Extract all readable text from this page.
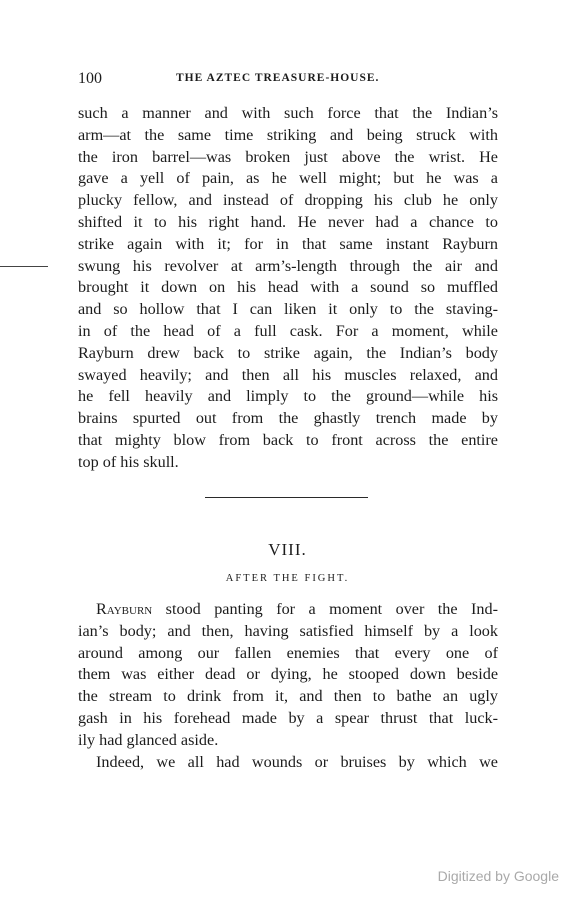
100	THE AZTEC TREASURE-HOUSE.
such a manner and with such force that the Indian’s
arm—at the same time striking and being struck with
the iron barrel—was broken just above the wrist. He
gave a yell of pain, as he well might; but he was a
plucky fellow, and instead of dropping his club he only
shifted it to his right hand. He never had a chance to
strike again with it; for in that same instant Rayburn
swung his revolver at arm’s-length through the air and
brought it down on his head with a sound so muffled
and so hollow that I can liken it only to the staving-
in of the head of a full cask. For a moment, while
Rayburn drew back to strike again, the Indian’s body
swayed heavily; and then all his muscles relaxed, and
he fell heavily and limply to the ground—while his
brains spurted out from the ghastly trench made by
that mighty blow from back to front across the entire
top of his skull.
VIII.
AFTER THE FIGHT.
Rayburn stood panting for a moment over the Ind-
ian’s body; and then, having satisfied himself by a look
around among our fallen enemies that every one of
them was either dead or dying, he stooped down beside
the stream to drink from it, and then to bathe an ugly
gash in his forehead made by a spear thrust that luck-
ily had glanced aside.
Indeed, we all had wounds or bruises by which we
Digitized by Google
